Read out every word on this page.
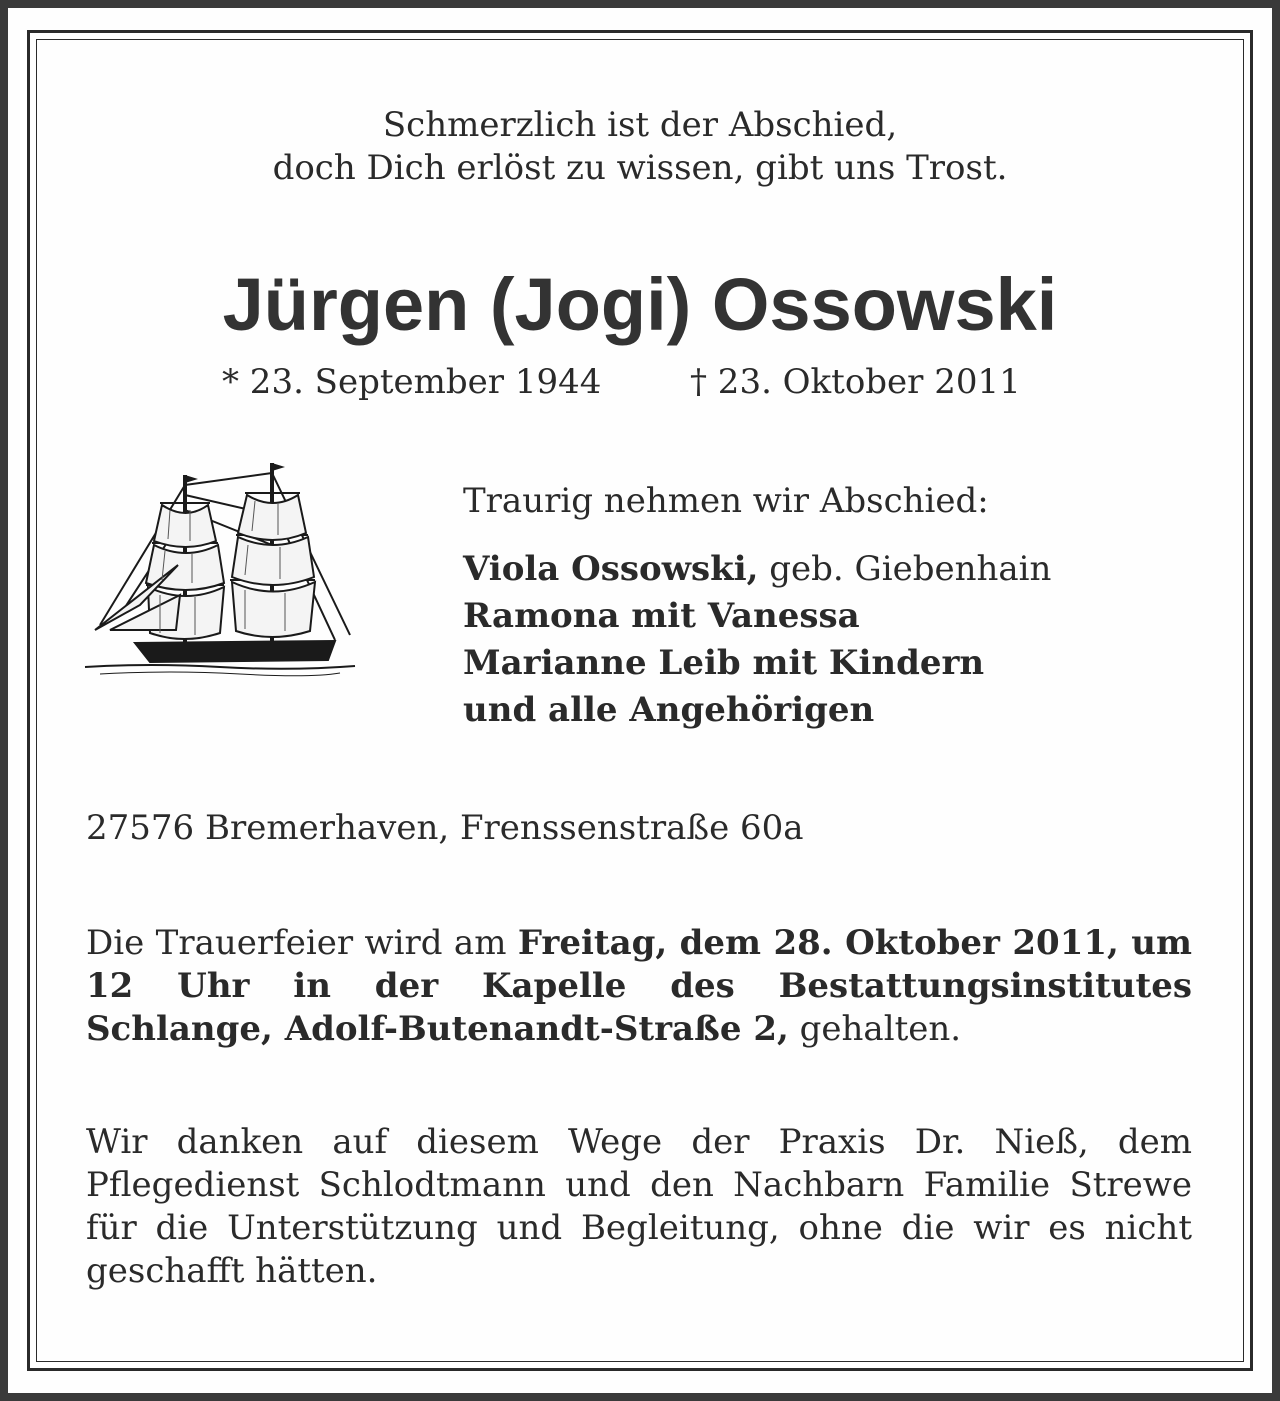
Schmerzlich ist der Abschied,
doch Dich erlöst zu wissen, gibt uns Trost.
Jürgen (Jogi) Ossowski
* 23. September 1944	† 23. Oktober 2011
Traurig nehmen wir Abschied:
Viola Ossowski, geb. Giebenhain
Ramona mit Vanessa
Marianne Leib mit Kindern
und alle Angehörigen
27576 Bremerhaven, Frenssenstraße 60a
Die Trauerfeier wird am Freitag, dem 28. Oktober 2011, um 12 Uhr in der Kapelle des Bestattungsinstitutes Schlange, Adolf-Butenandt-Straße 2, gehalten.
Wir danken auf diesem Wege der Praxis Dr. Nieß, dem Pflegedienst Schlodtmann und den Nachbarn Familie Strewe für die Unterstützung und Begleitung, ohne die wir es nicht geschafft hätten.
